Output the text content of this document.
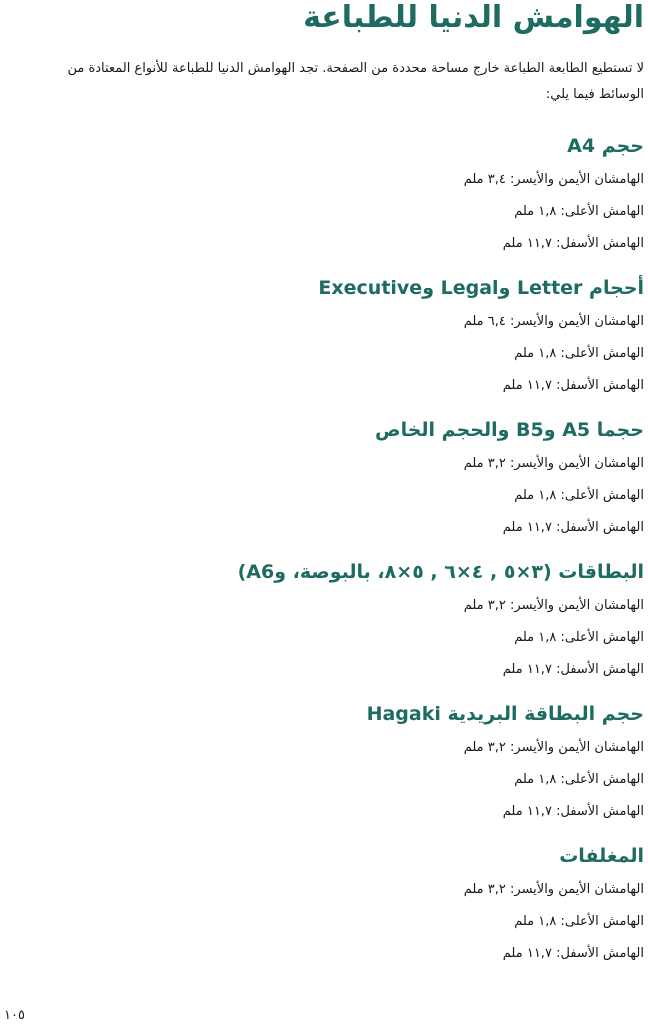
الهوامش الدنيا للطباعة

لا تستطيع الطابعة الطباعة خارج مساحة محددة من الصفحة. تجد الهوامش الدنيا للطباعة للأنواع المعتادة من الوسائط فيما يلي:

حجم A4
الهامشان الأيمن والأيسر : ٣,٤ ملم
الهامش الأعلى : ١,٨ ملم
الهامش الأسفل : ١١,٧ ملم
أحجام Letter وLegal وExecutive
الهامشان الأيمن والأيسر : ٦,٤ ملم
الهامش الأعلى : ١,٨ ملم
الهامش الأسفل : ١١,٧ ملم
حجما A5 وB5 والحجم الخاص
الهامشان الأيمن والأيسر : ٣,٢ ملم
الهامش الأعلى : ١,٨ ملم
الهامش الأسفل : ١١,٧ ملم
البطاقات (٣×٥ , ٤×٦ , ٥×٨، بالبوصة، وA6)
الهامشان الأيمن والأيسر : ٣,٢ ملم
الهامش الأعلى : ١,٨ ملم
الهامش الأسفل : ١١,٧ ملم
حجم البطاقة البريدية Hagaki
الهامشان الأيمن والأيسر : ٣,٢ ملم
الهامش الأعلى : ١,٨ ملم
الهامش الأسفل : ١١,٧ ملم
المغلفات
الهامشان الأيمن والأيسر : ٣,٢ ملم
الهامش الأعلى : ١,٨ ملم
الهامش الأسفل : ١١,٧ ملم
١٠٥
